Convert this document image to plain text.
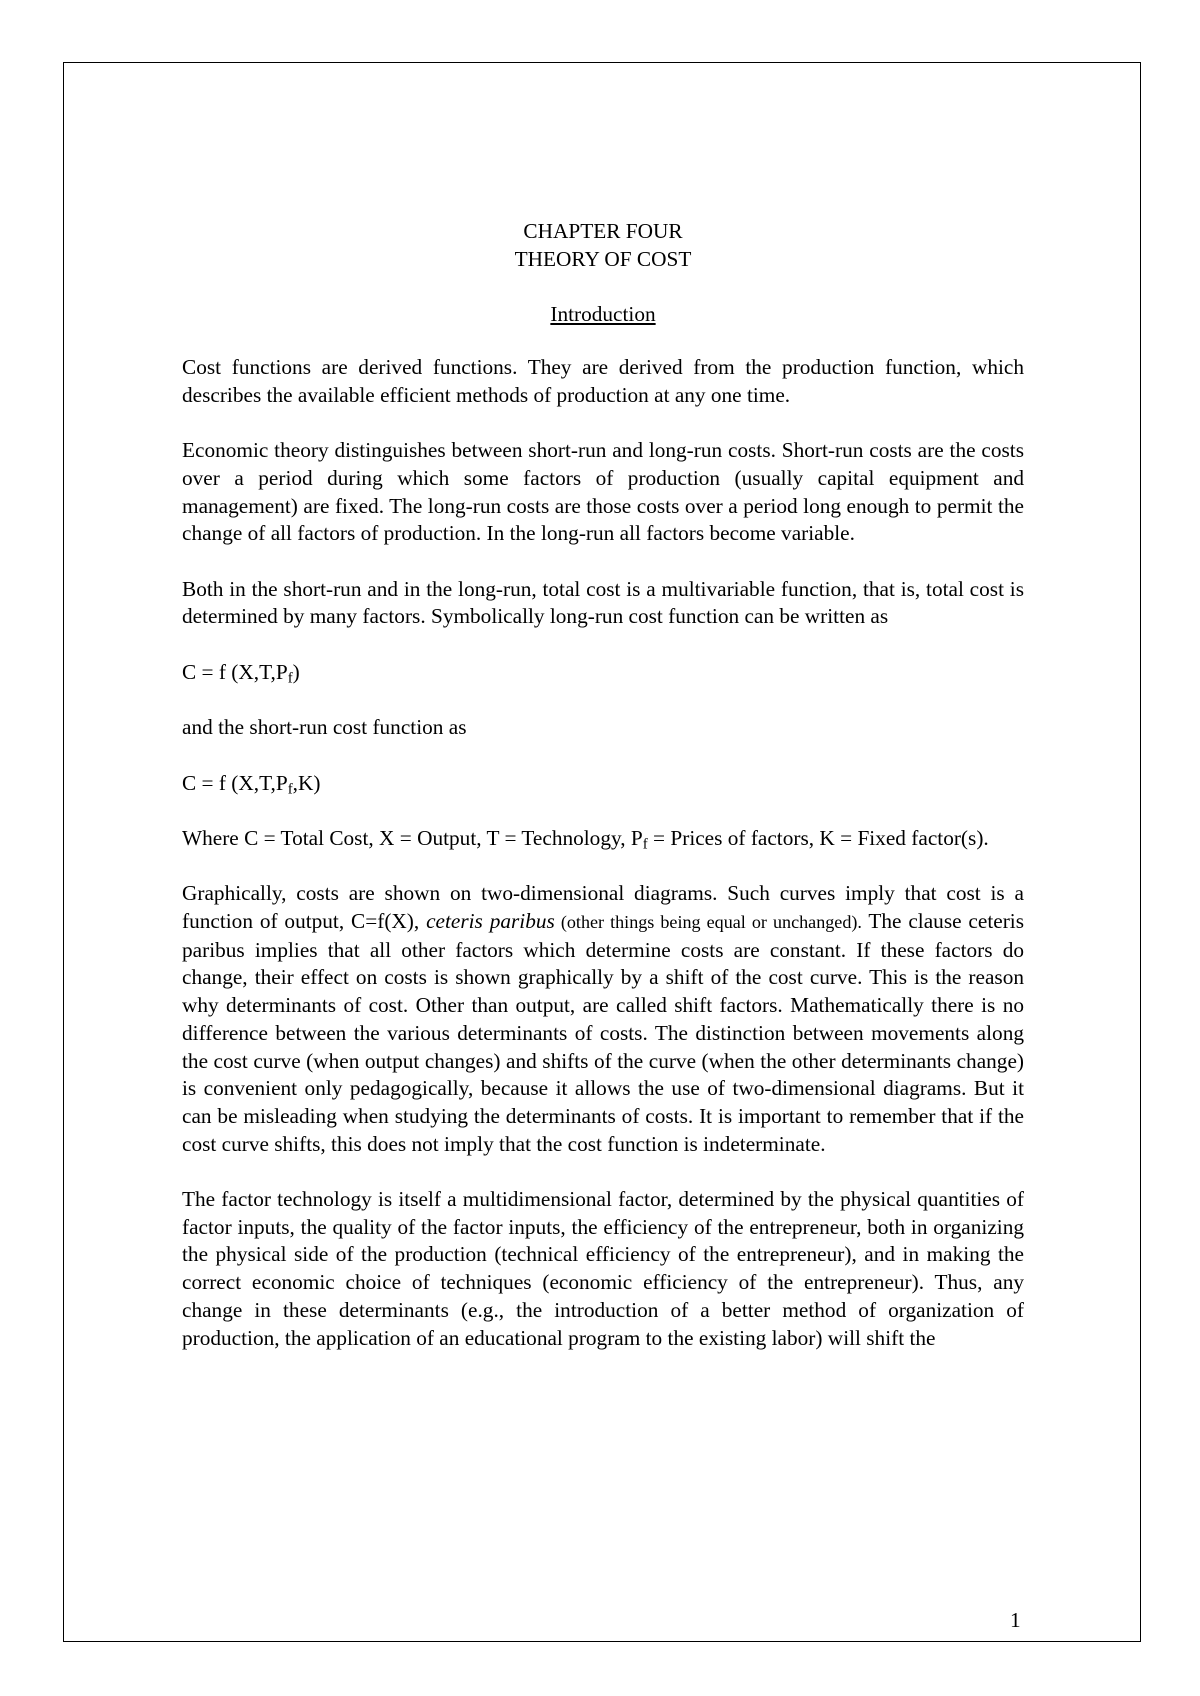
CHAPTER FOUR
THEORY OF COST
Introduction

Cost functions are derived functions. They are derived from the production function, which describes the available efficient methods of production at any one time.

Economic theory distinguishes between short-run and long-run costs. Short-run costs are the costs over a period during which some factors of production (usually capital equipment and management) are fixed. The long-run costs are those costs over a period long enough to permit the change of all factors of production. In the long-run all factors become variable.

Both in the short-run and in the long-run, total cost is a multivariable function, that is, total cost is determined by many factors. Symbolically long-run cost function can be written as

C = f $(X,T,P_f)$

and the short-run cost function as

C = f $(X,T,P_f,K)$

Where C = Total Cost, X = Output, T = Technology, $P_f$ = Prices of factors, K = Fixed factor(s).

Graphically, costs are shown on two-dimensional diagrams. Such curves imply that cost is a function of output, C=f(X), ceteris paribus (other things being equal or unchanged). The clause ceteris paribus implies that all other factors which determine costs are constant. If these factors do change, their effect on costs is shown graphically by a shift of the cost curve. This is the reason why determinants of cost. Other than output, are called shift factors. Mathematically there is no difference between the various determinants of costs. The distinction between movements along the cost curve (when output changes) and shifts of the curve (when the other determinants change) is convenient only pedagogically, because it allows the use of two-dimensional diagrams. But it can be misleading when studying the determinants of costs. It is important to remember that if the cost curve shifts, this does not imply that the cost function is indeterminate.

The factor technology is itself a multidimensional factor, determined by the physical quantities of factor inputs, the quality of the factor inputs, the efficiency of the entrepreneur, both in organizing the physical side of the production (technical efficiency of the entrepreneur), and in making the correct economic choice of techniques (economic efficiency of the entrepreneur). Thus, any change in these determinants (e.g., the introduction of a better method of organization of production, the application of an educational program to the existing labor) will shift the

1
